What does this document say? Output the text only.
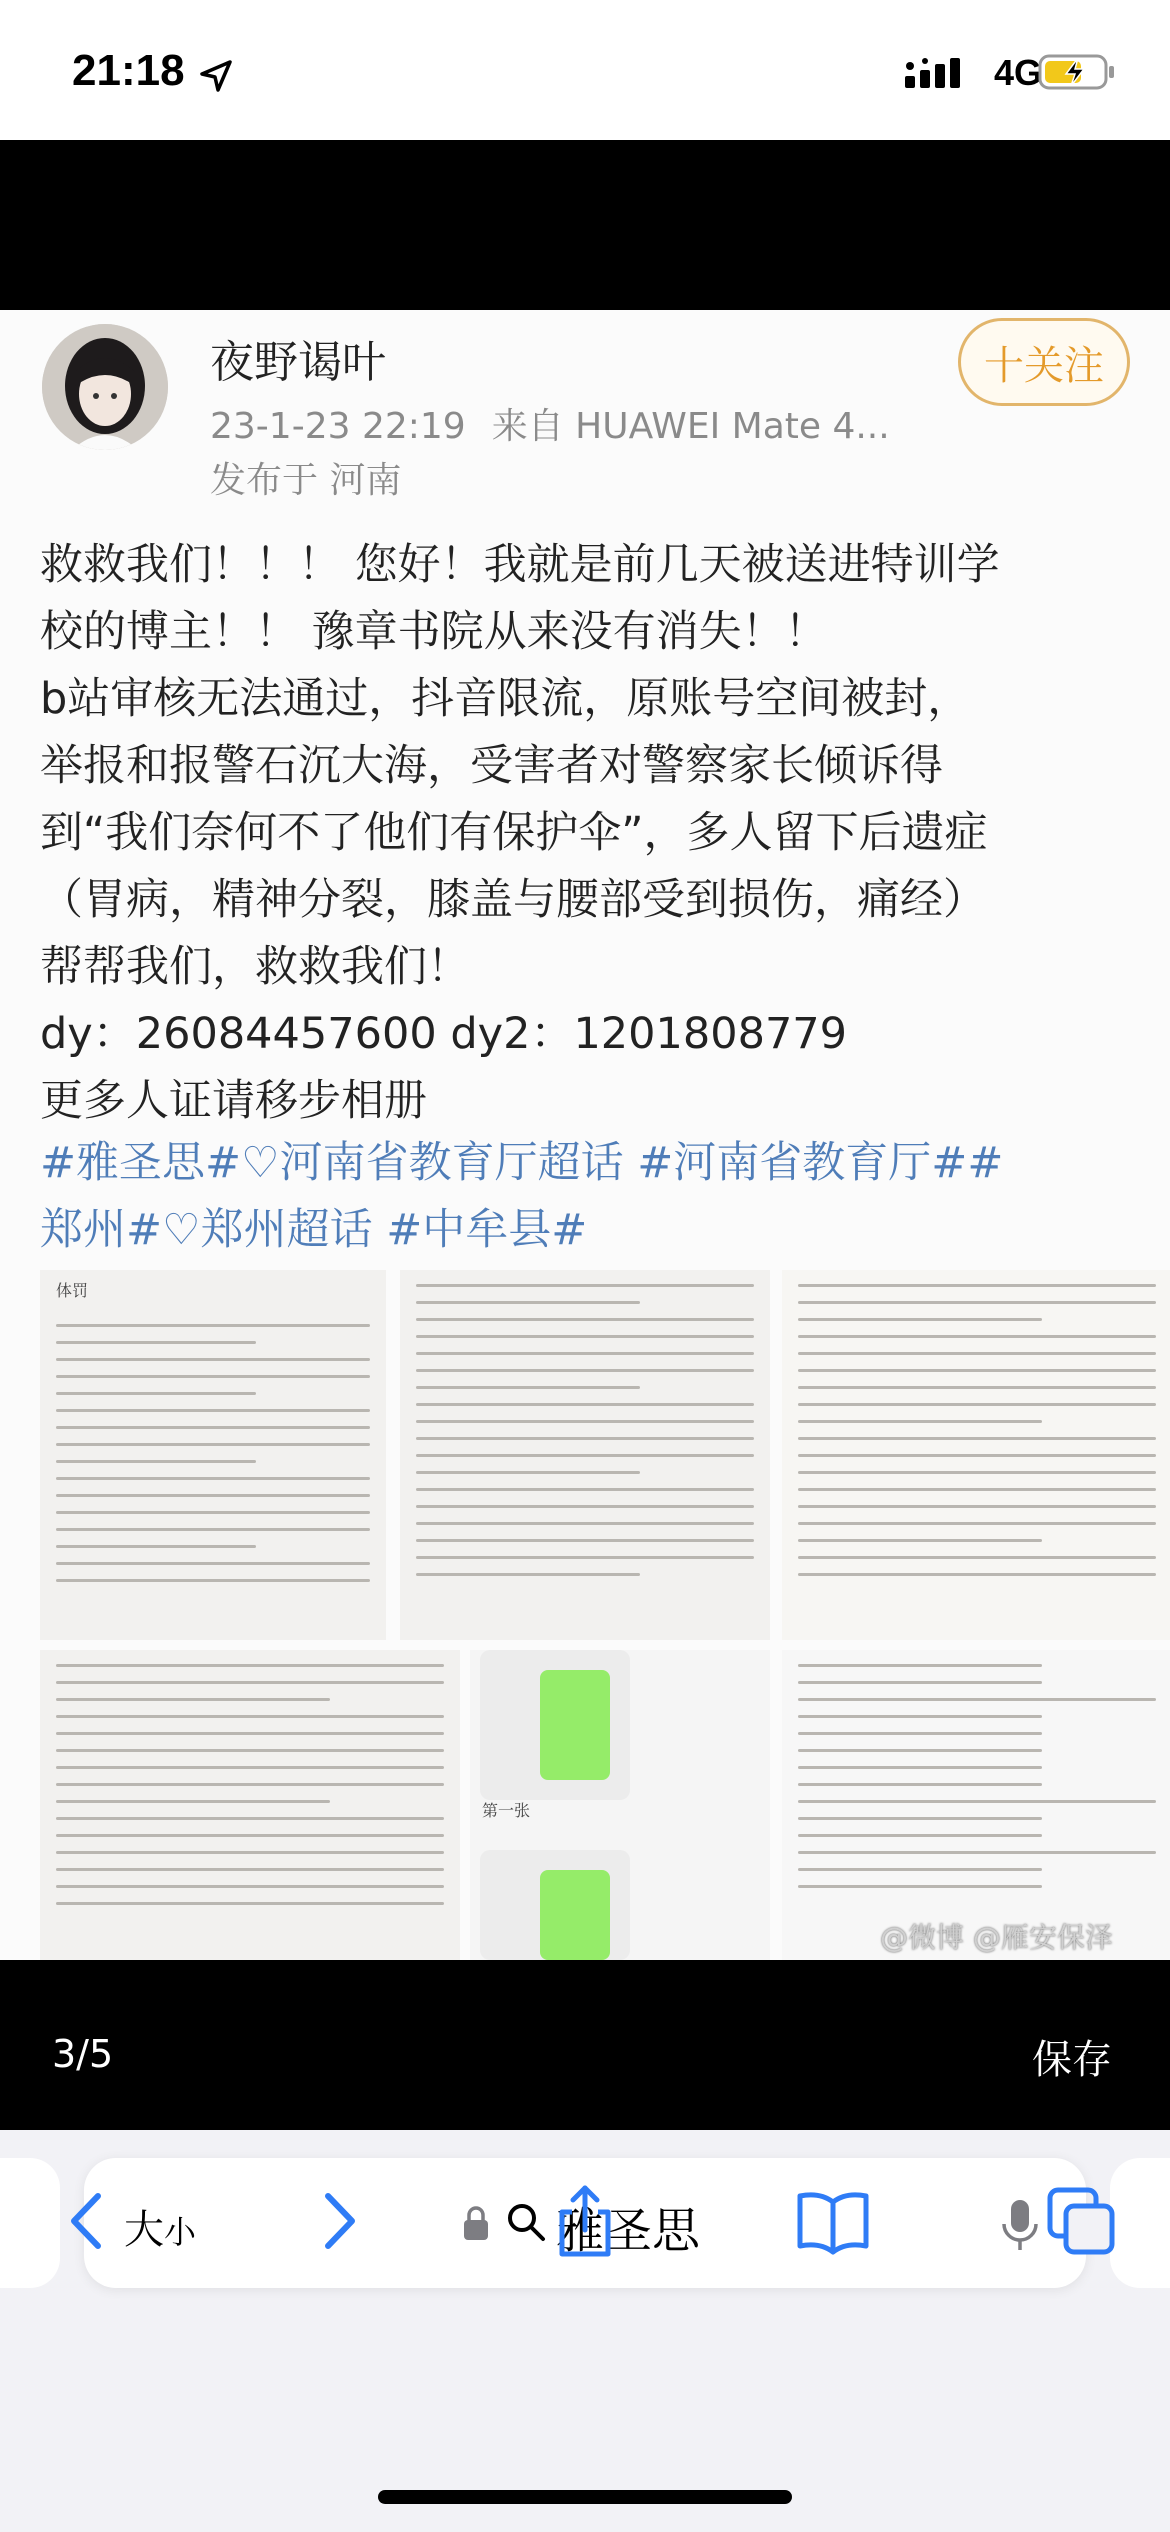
21:18	4G
夜野谒叶
23-1-23 22:19 来自 HUAWEI Mate 4...
发布于 河南
十关注

救救我们！！！ 您好！我就是前几天被送进特训学

校的博主！！ 豫章书院从来没有消失！！

b站审核无法通过，抖音限流，原账号空间被封，

举报和报警石沉大海，受害者对警察家长倾诉得

到“我们奈何不了他们有保护伞”，多人留下后遗症

（胃病，精神分裂，膝盖与腰部受到损伤，痛经）

帮帮我们，救救我们！

dy：26084457600 dy2：1201808779

更多人证请移步相册

#雅圣思#♡河南省教育厅超话 #河南省教育厅##

郑州#♡郑州超话 #中牟县#

体罚
第一张
@微博 @雁安保泽
3/5	保存
大小	雅圣思
